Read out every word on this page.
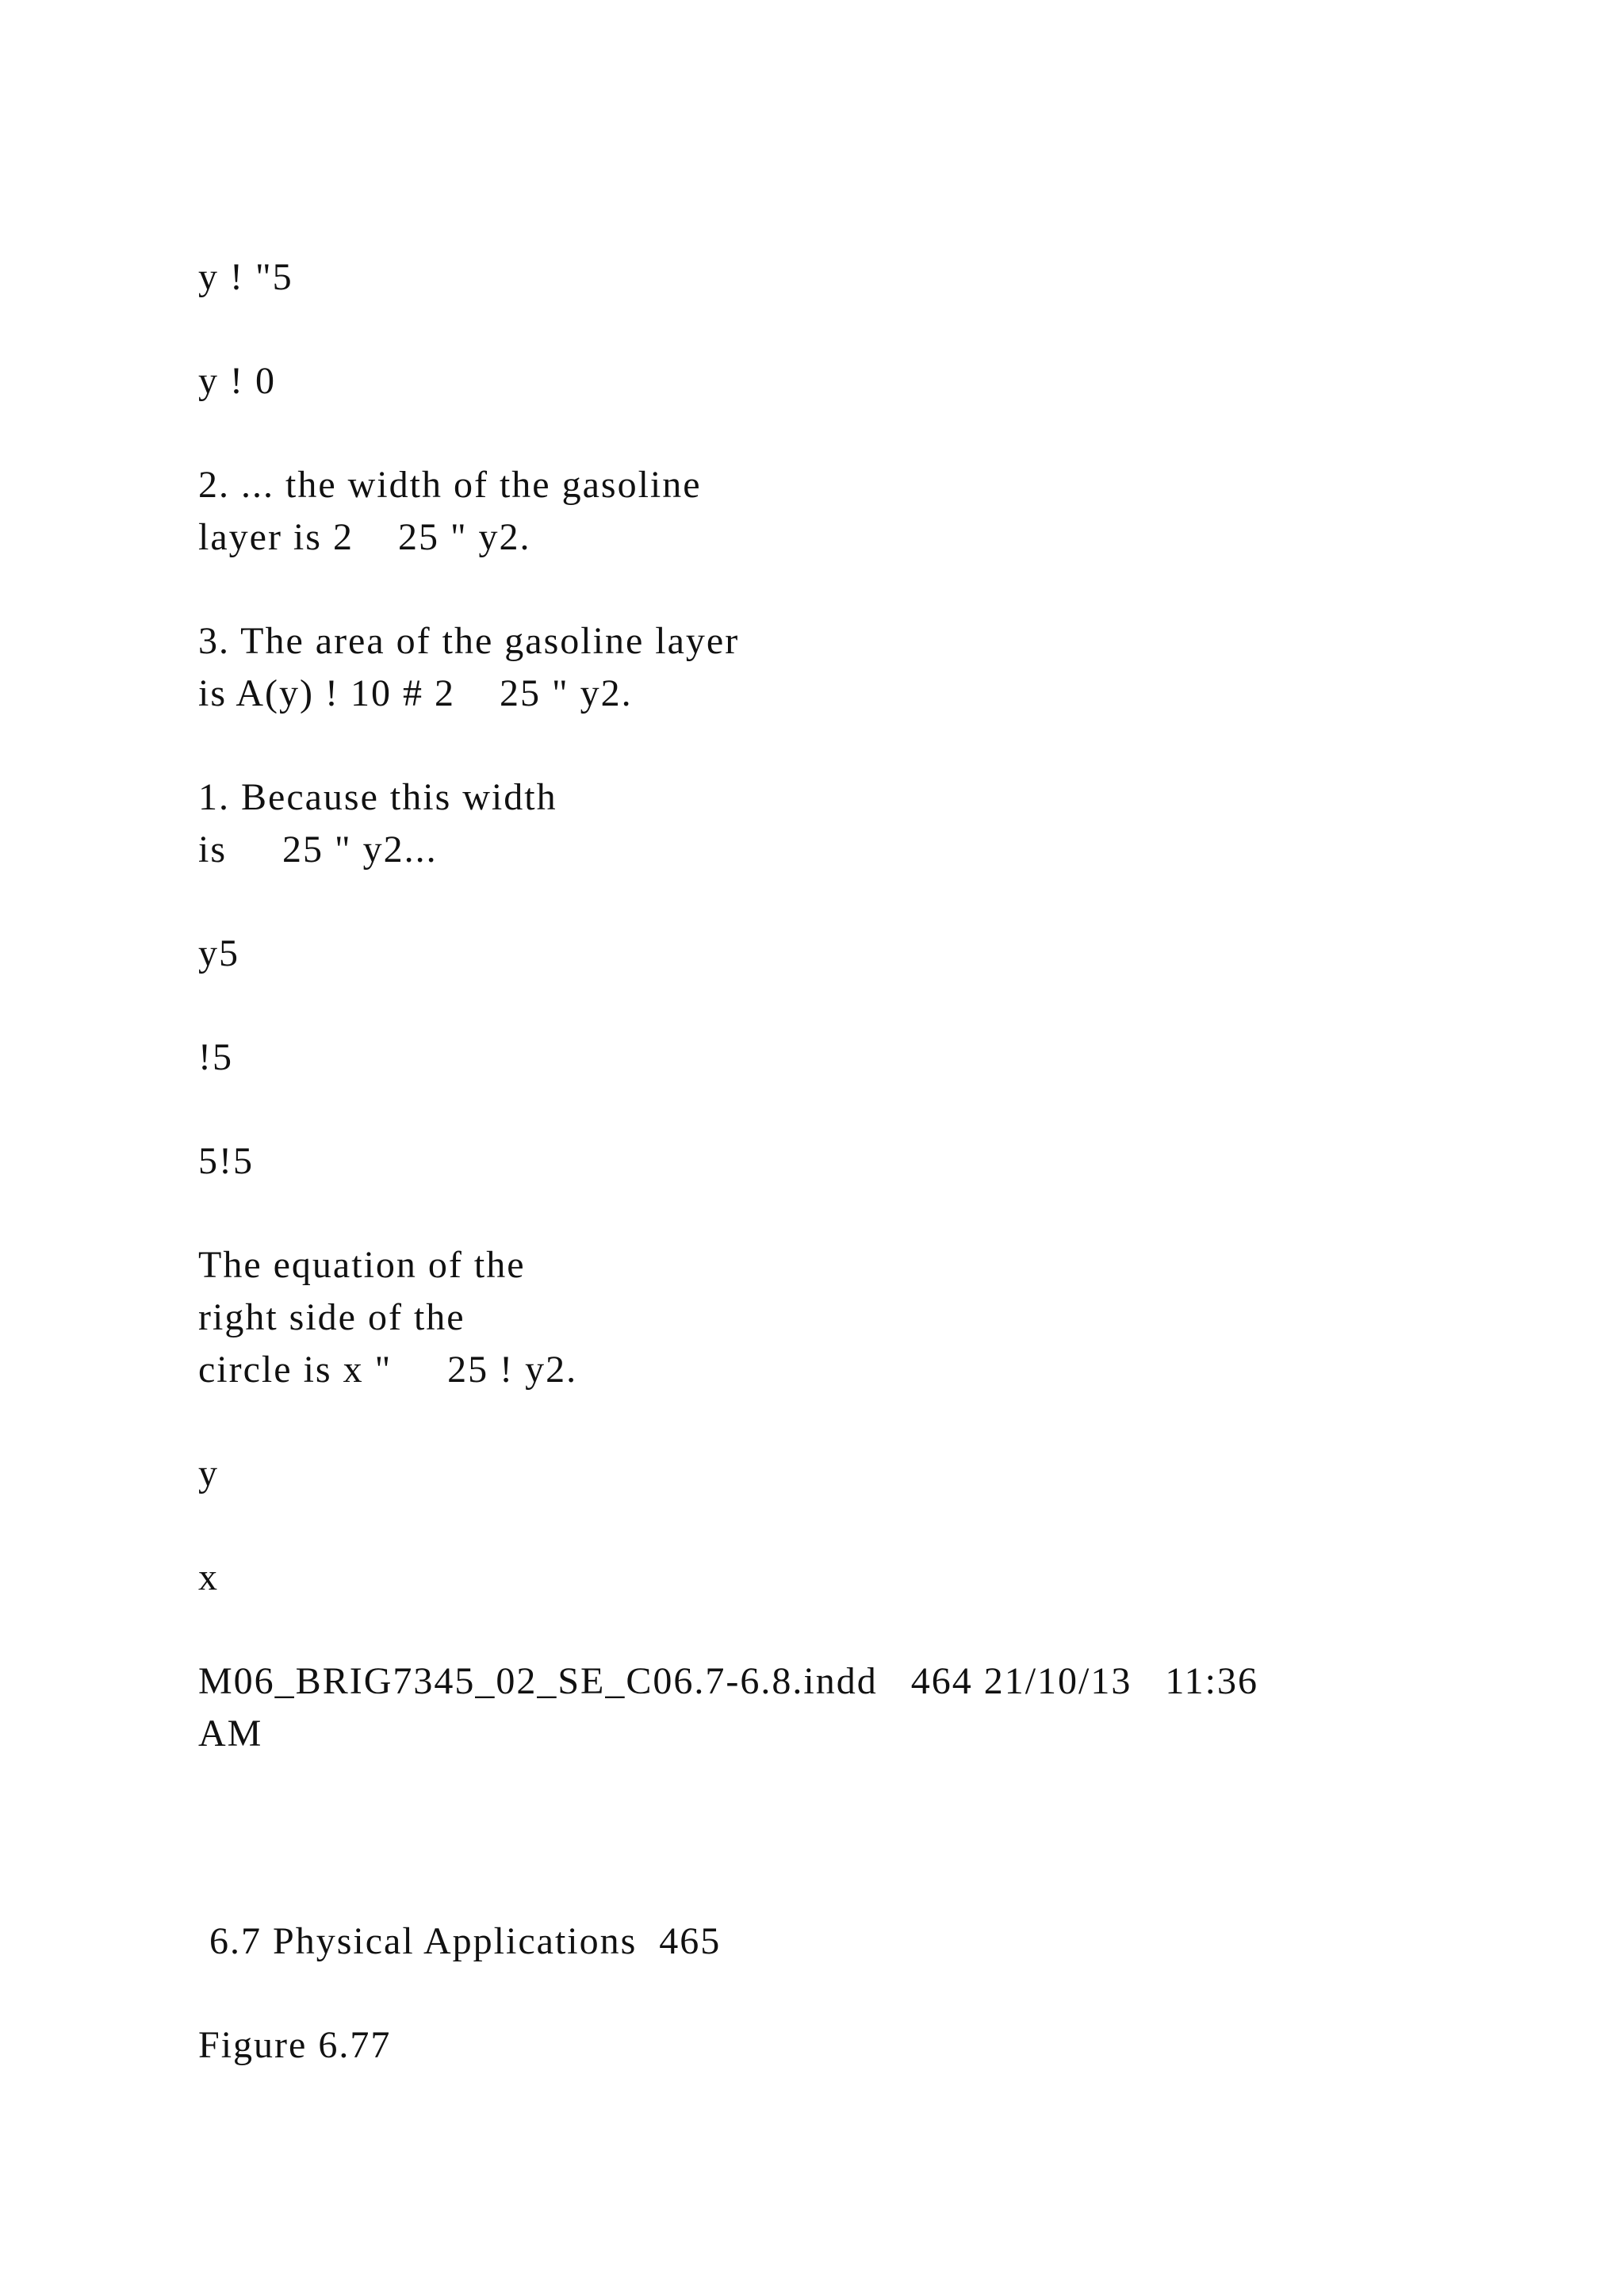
y ! "5

y ! 0

2. ... the width of the gasoline

layer is 2    25 " y2.

3. The area of the gasoline layer

is A(y) ! 10 # 2    25 " y2.

1. Because this width

is     25 " y2...

y5

!5

5!5

The equation of the

right side of the

circle is x "     25 ! y2.

y

x

M06_BRIG7345_02_SE_C06.7-6.8.indd   464 21/10/13   11:36

AM

6.7 Physical Applications  465

Figure 6.77
